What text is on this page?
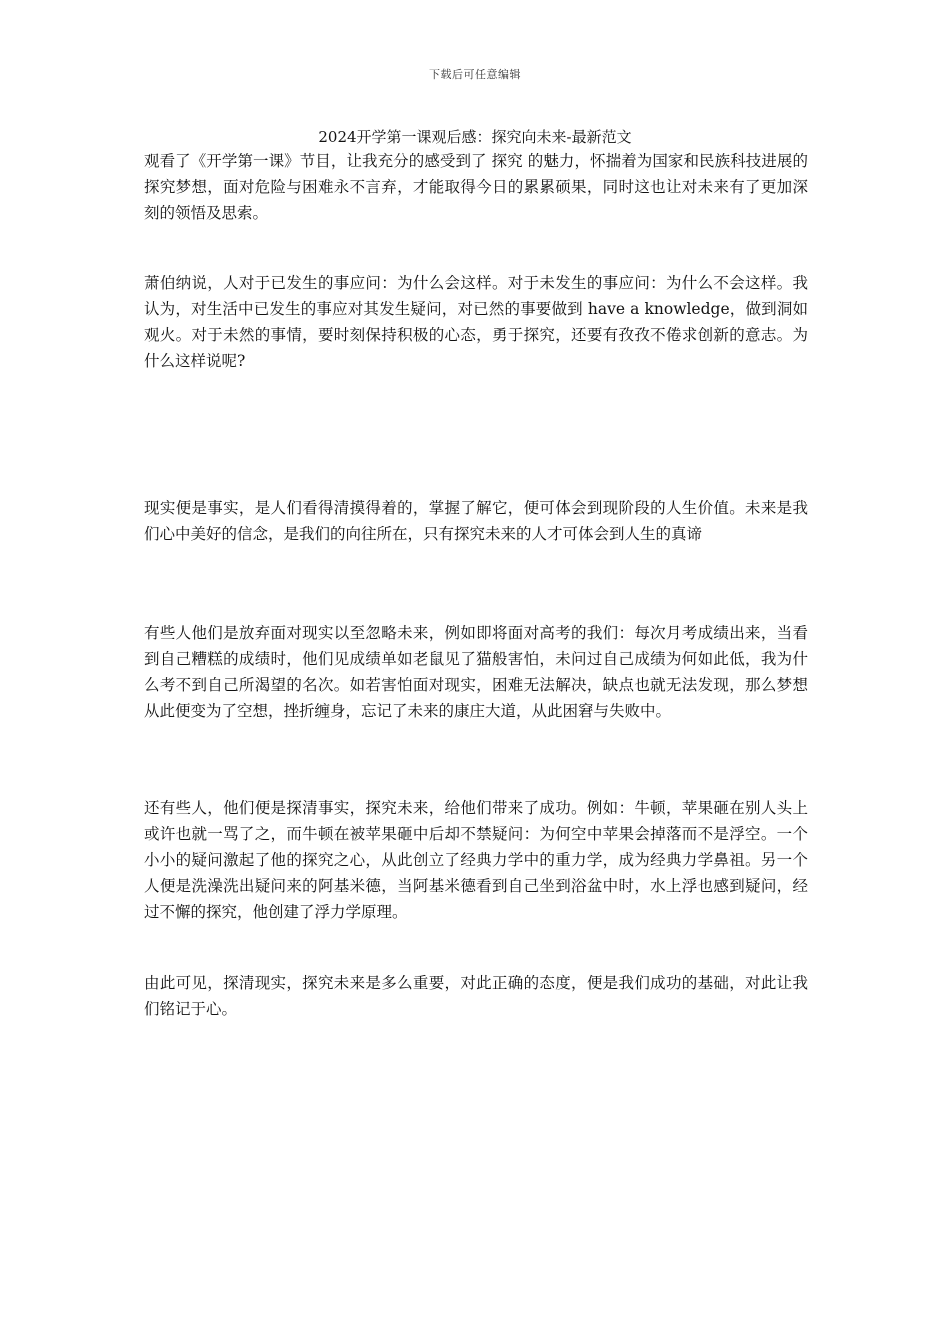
下载后可任意编辑
2024开学第一课观后感：探究向未来-最新范文

观看了《开学第一课》节目，让我充分的感受到了 探究 的魅力，怀揣着为国家和民族科技进展的探究梦想，面对危险与困难永不言弃，才能取得今日的累累硕果，同时这也让对未来有了更加深刻的领悟及思索。

萧伯纳说，人对于已发生的事应问：为什么会这样。对于未发生的事应问：为什么不会这样。我认为，对生活中已发生的事应对其发生疑问，对已然的事要做到 have a knowledge，做到洞如观火。对于未然的事情，要时刻保持积极的心态，勇于探究，还要有孜孜不倦求创新的意志。为什么这样说呢?

现实便是事实，是人们看得清摸得着的，掌握了解它，便可体会到现阶段的人生价值。未来是我们心中美好的信念，是我们的向往所在，只有探究未来的人才可体会到人生的真谛

有些人他们是放弃面对现实以至忽略未来，例如即将面对高考的我们：每次月考成绩出来，当看到自己糟糕的成绩时，他们见成绩单如老鼠见了猫般害怕，未问过自己成绩为何如此低，我为什么考不到自己所渴望的名次。如若害怕面对现实，困难无法解决，缺点也就无法发现，那么梦想从此便变为了空想，挫折缠身，忘记了未来的康庄大道，从此困窘与失败中。

还有些人，他们便是探清事实，探究未来，给他们带来了成功。例如：牛顿，苹果砸在别人头上或许也就一骂了之，而牛顿在被苹果砸中后却不禁疑问：为何空中苹果会掉落而不是浮空。一个小小的疑问激起了他的探究之心，从此创立了经典力学中的重力学，成为经典力学鼻祖。另一个人便是洗澡洗出疑问来的阿基米德，当阿基米德看到自己坐到浴盆中时，水上浮也感到疑问，经过不懈的探究，他创建了浮力学原理。

由此可见，探清现实，探究未来是多么重要，对此正确的态度，便是我们成功的基础，对此让我们铭记于心。
